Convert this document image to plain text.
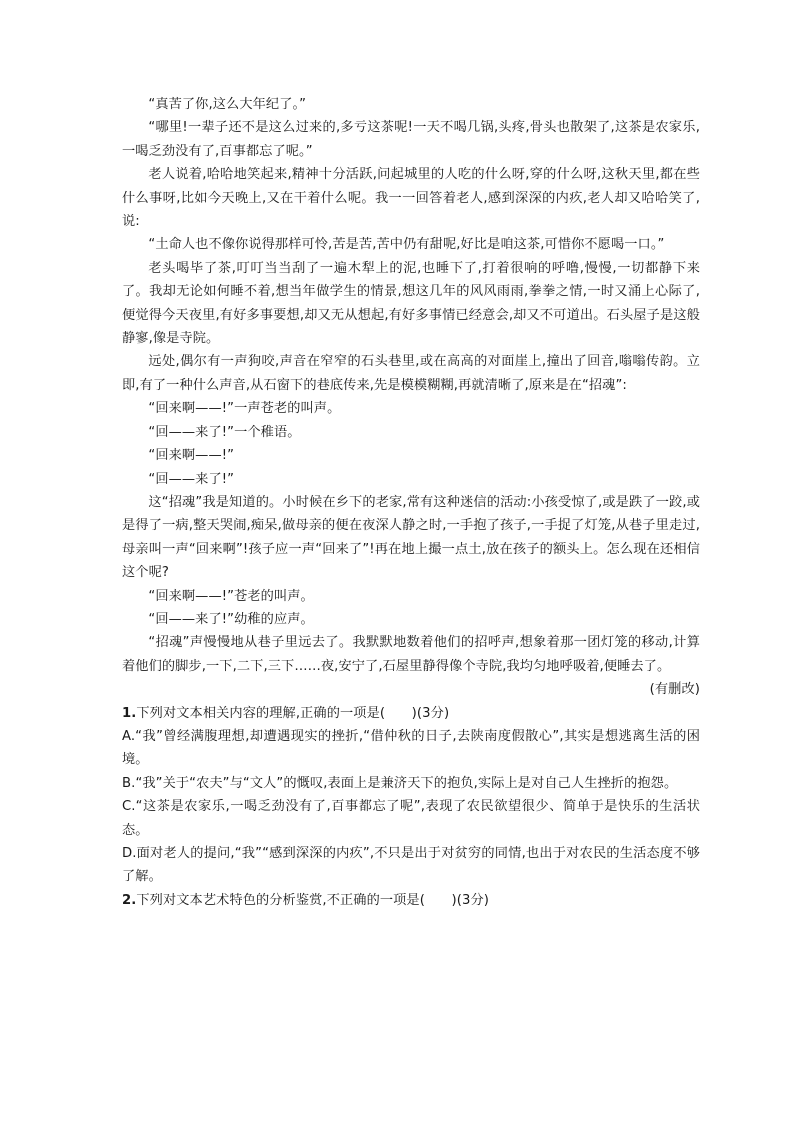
“真苦了你,这么大年纪了。”

“哪里!一辈子还不是这么过来的,多亏这茶呢!一天不喝几锅,头疼,骨头也散架了,这茶是农家乐,一喝乏劲没有了,百事都忘了呢。”

老人说着,哈哈地笑起来,精神十分活跃,问起城里的人吃的什么呀,穿的什么呀,这秋天里,都在些什么事呀,比如今天晚上,又在干着什么呢。我一一回答着老人,感到深深的内疚,老人却又哈哈笑了,说:

“土命人也不像你说得那样可怜,苦是苦,苦中仍有甜呢,好比是咱这茶,可惜你不愿喝一口。”

老头喝毕了茶,叮叮当当刮了一遍木犁上的泥,也睡下了,打着很响的呼噜,慢慢,一切都静下来了。我却无论如何睡不着,想当年做学生的情景,想这几年的风风雨雨,拳拳之情,一时又涌上心际了,便觉得今天夜里,有好多事要想,却又无从想起,有好多事情已经意会,却又不可道出。石头屋子是这般静寥,像是寺院。

远处,偶尔有一声狗咬,声音在窄窄的石头巷里,或在高高的对面崖上,撞出了回音,嗡嗡传韵。立即,有了一种什么声音,从石窗下的巷底传来,先是模模糊糊,再就清晰了,原来是在“招魂”:

“回来啊——!”一声苍老的叫声。

“回——来了!”一个稚语。

“回来啊——!”

“回——来了!”

这“招魂”我是知道的。小时候在乡下的老家,常有这种迷信的活动:小孩受惊了,或是跌了一跤,或是得了一病,整天哭闹,痴呆,做母亲的便在夜深人静之时,一手抱了孩子,一手捉了灯笼,从巷子里走过,母亲叫一声“回来啊”!孩子应一声“回来了”!再在地上撮一点土,放在孩子的额头上。怎么现在还相信这个呢?

“回来啊——!”苍老的叫声。

“回——来了!”幼稚的应声。

“招魂”声慢慢地从巷子里远去了。我默默地数着他们的招呼声,想象着那一团灯笼的移动,计算着他们的脚步,一下,二下,三下……夜,安宁了,石屋里静得像个寺院,我均匀地呼吸着,便睡去了。

(有删改)

1.下列对文本相关内容的理解,正确的一项是(　　)(3分)

A.“我”曾经满腹理想,却遭遇现实的挫折,“借仲秋的日子,去陕南度假散心”,其实是想逃离生活的困境。

B.“我”关于“农夫”与“文人”的慨叹,表面上是兼济天下的抱负,实际上是对自己人生挫折的抱怨。

C.“这茶是农家乐,一喝乏劲没有了,百事都忘了呢”,表现了农民欲望很少、简单于是快乐的生活状态。

D.面对老人的提问,“我”“感到深深的内疚”,不只是出于对贫穷的同情,也出于对农民的生活态度不够了解。

2.下列对文本艺术特色的分析鉴赏,不正确的一项是(　　)(3分)
